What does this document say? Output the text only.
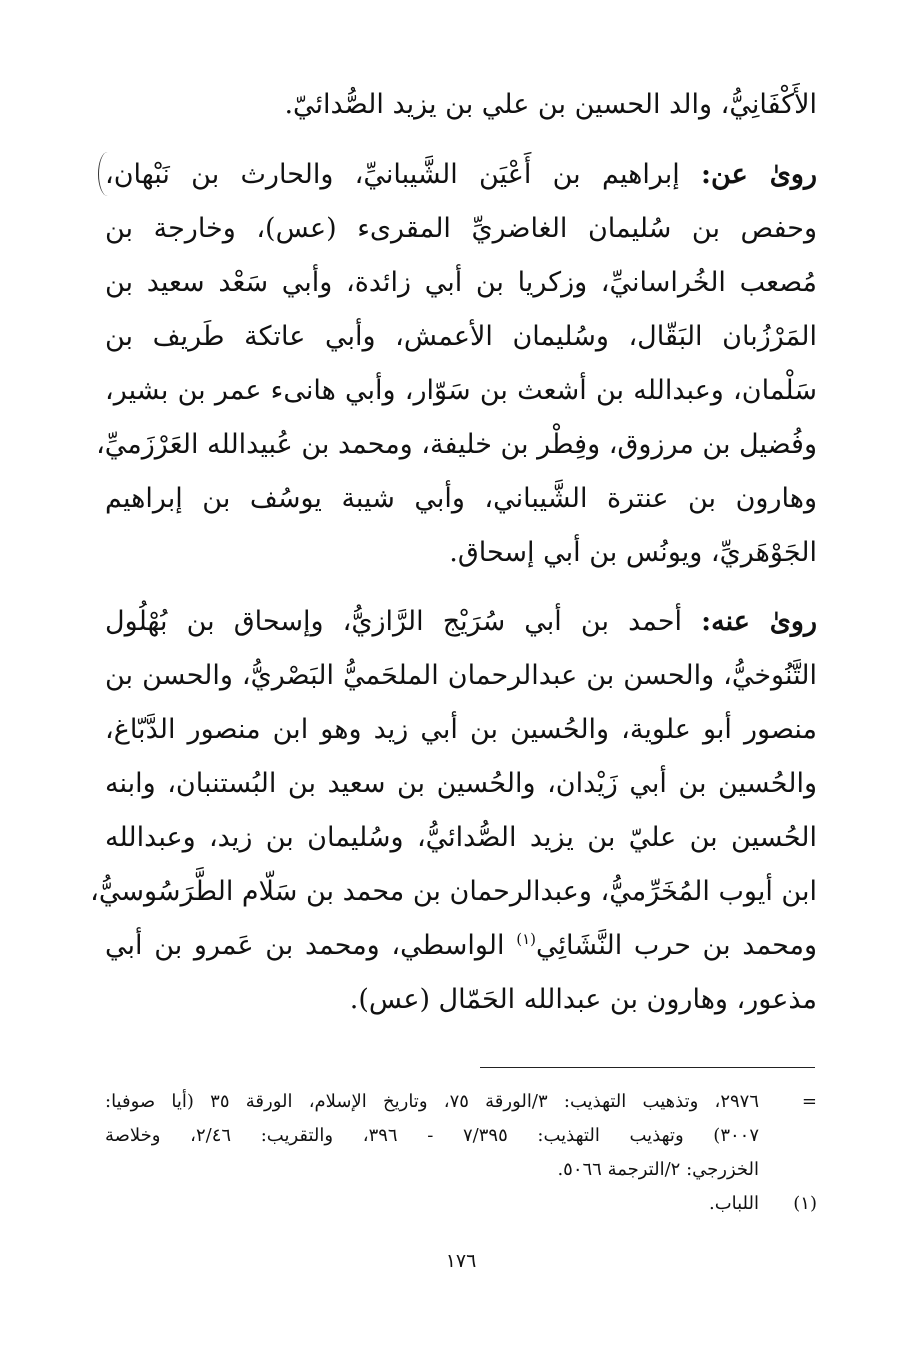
الأَكْفَانِيُّ، والد الحسين بن علي بن يزيد الصُّدائيّ.
روىٰ عن: إبراهيم بن أَعْيَن الشَّيبانيِّ، والحارث بن نَبْهان،
وحفص بن سُليمان الغاضريِّ المقرىء (عس)، وخارجة بن
مُصعب الخُراسانيِّ، وزكريا بن أبي زائدة، وأبي سَعْد سعيد بن
المَرْزُبان البَقّال، وسُليمان الأعمش، وأبي عاتكة طَريف بن
سَلْمان، وعبدالله بن أشعث بن سَوّار، وأبي هانىء عمر بن بشير،
وفُضيل بن مرزوق، وفِطْر بن خليفة، ومحمد بن عُبيدالله العَرْزَميِّ،
وهارون بن عنترة الشَّيباني، وأبي شيبة يوسُف بن إبراهيم
الجَوْهَريِّ، ويونُس بن أبي إسحاق.
روىٰ عنه: أحمد بن أبي سُرَيْج الرَّازيُّ، وإسحاق بن بُهْلُول
التَّنُوخيُّ، والحسن بن عبدالرحمان الملحَميُّ البَصْريُّ، والحسن بن
منصور أبو علوية، والحُسين بن أبي زيد وهو ابن منصور الدَّبّاغ،
والحُسين بن أبي زَيْدان، والحُسين بن سعيد بن البُستنبان، وابنه
الحُسين بن عليّ بن يزيد الصُّدائيُّ، وسُليمان بن زيد، وعبدالله
ابن أيوب المُخَرِّميُّ، وعبدالرحمان بن محمد بن سَلّام الطَّرَسُوسيُّ،
ومحمد بن حرب النَّشَائِي$^{(١)}$ الواسطي، ومحمد بن عَمرو بن أبي
مذعور، وهارون بن عبدالله الحَمّال (عس).
=
٢٩٧٦، وتذهيب التهذيب: ٣/الورقة ٧٥، وتاريخ الإسلام، الورقة ٣٥ (أيا صوفيا:
٣٠٠٧) وتهذيب التهذيب: ٧/٣٩٥ - ٣٩٦، والتقريب: ٢/٤٦، وخلاصة
الخزرجي: ٢/الترجمة ٥٠٦٦.
(١)
اللباب.
١٧٦
